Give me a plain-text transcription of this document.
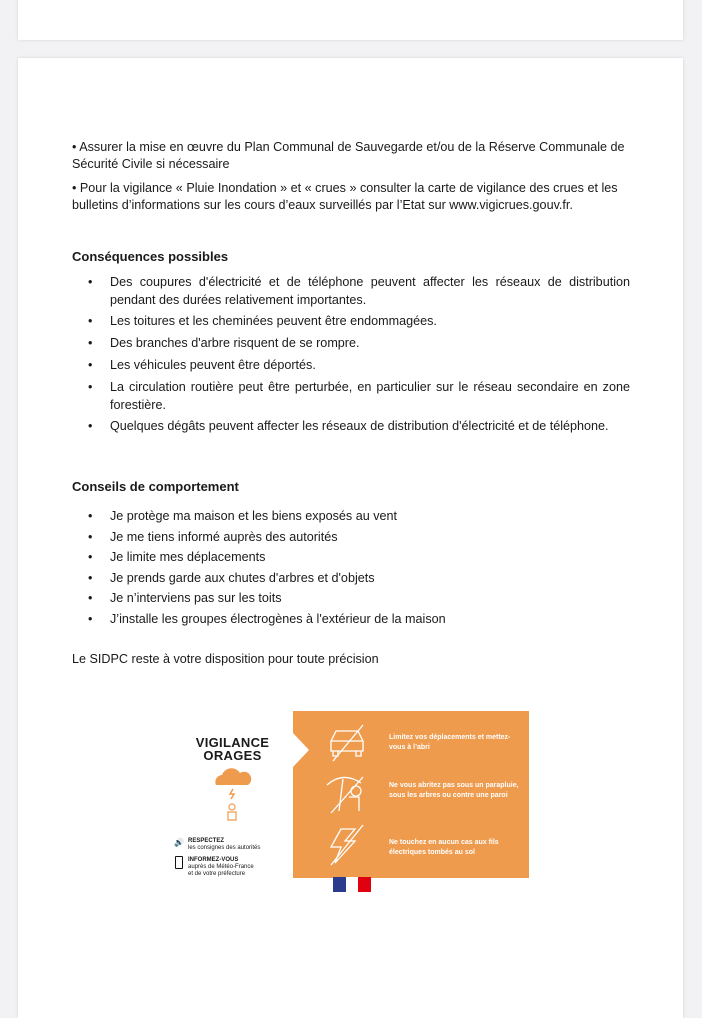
• Assurer la mise en œuvre du Plan Communal de Sauvegarde et/ou de la Réserve Communale de Sécurité Civile si nécessaire
• Pour la vigilance « Pluie Inondation » et « crues » consulter la carte de vigilance des crues et les bulletins d’informations sur les cours d’eaux surveillés par l’Etat sur www.vigicrues.gouv.fr.
Conséquences possibles
• Des coupures d'électricité et de téléphone peuvent affecter les réseaux de distribution pendant des durées relativement importantes.
• Les toitures et les cheminées peuvent être endommagées.
• Des branches d'arbre risquent de se rompre.
• Les véhicules peuvent être déportés.
• La circulation routière peut être perturbée, en particulier sur le réseau secondaire en zone forestière.
• Quelques dégâts peuvent affecter les réseaux de distribution d'électricité et de téléphone.
Conseils de comportement
• Je protège ma maison et les biens exposés au vent
• Je me tiens informé auprès des autorités
• Je limite mes déplacements
• Je prends garde aux chutes d'arbres et d'objets
• Je n’interviens pas sur les toits
• J’installe les groupes électrogènes à l'extérieur de la maison
Le SIDPC reste à votre disposition pour toute précision
VIGILANCE
ORAGES
🔊 RESPECTEZ
les consignes des autorités
INFORMEZ-VOUS
auprès de Météo-France
et de votre préfecture
Limitez vos déplacements et mettez-vous à l’abri
Ne vous abritez pas sous un parapluie, sous les arbres ou contre une paroi
Ne touchez en aucun cas aux fils électriques tombés au sol
